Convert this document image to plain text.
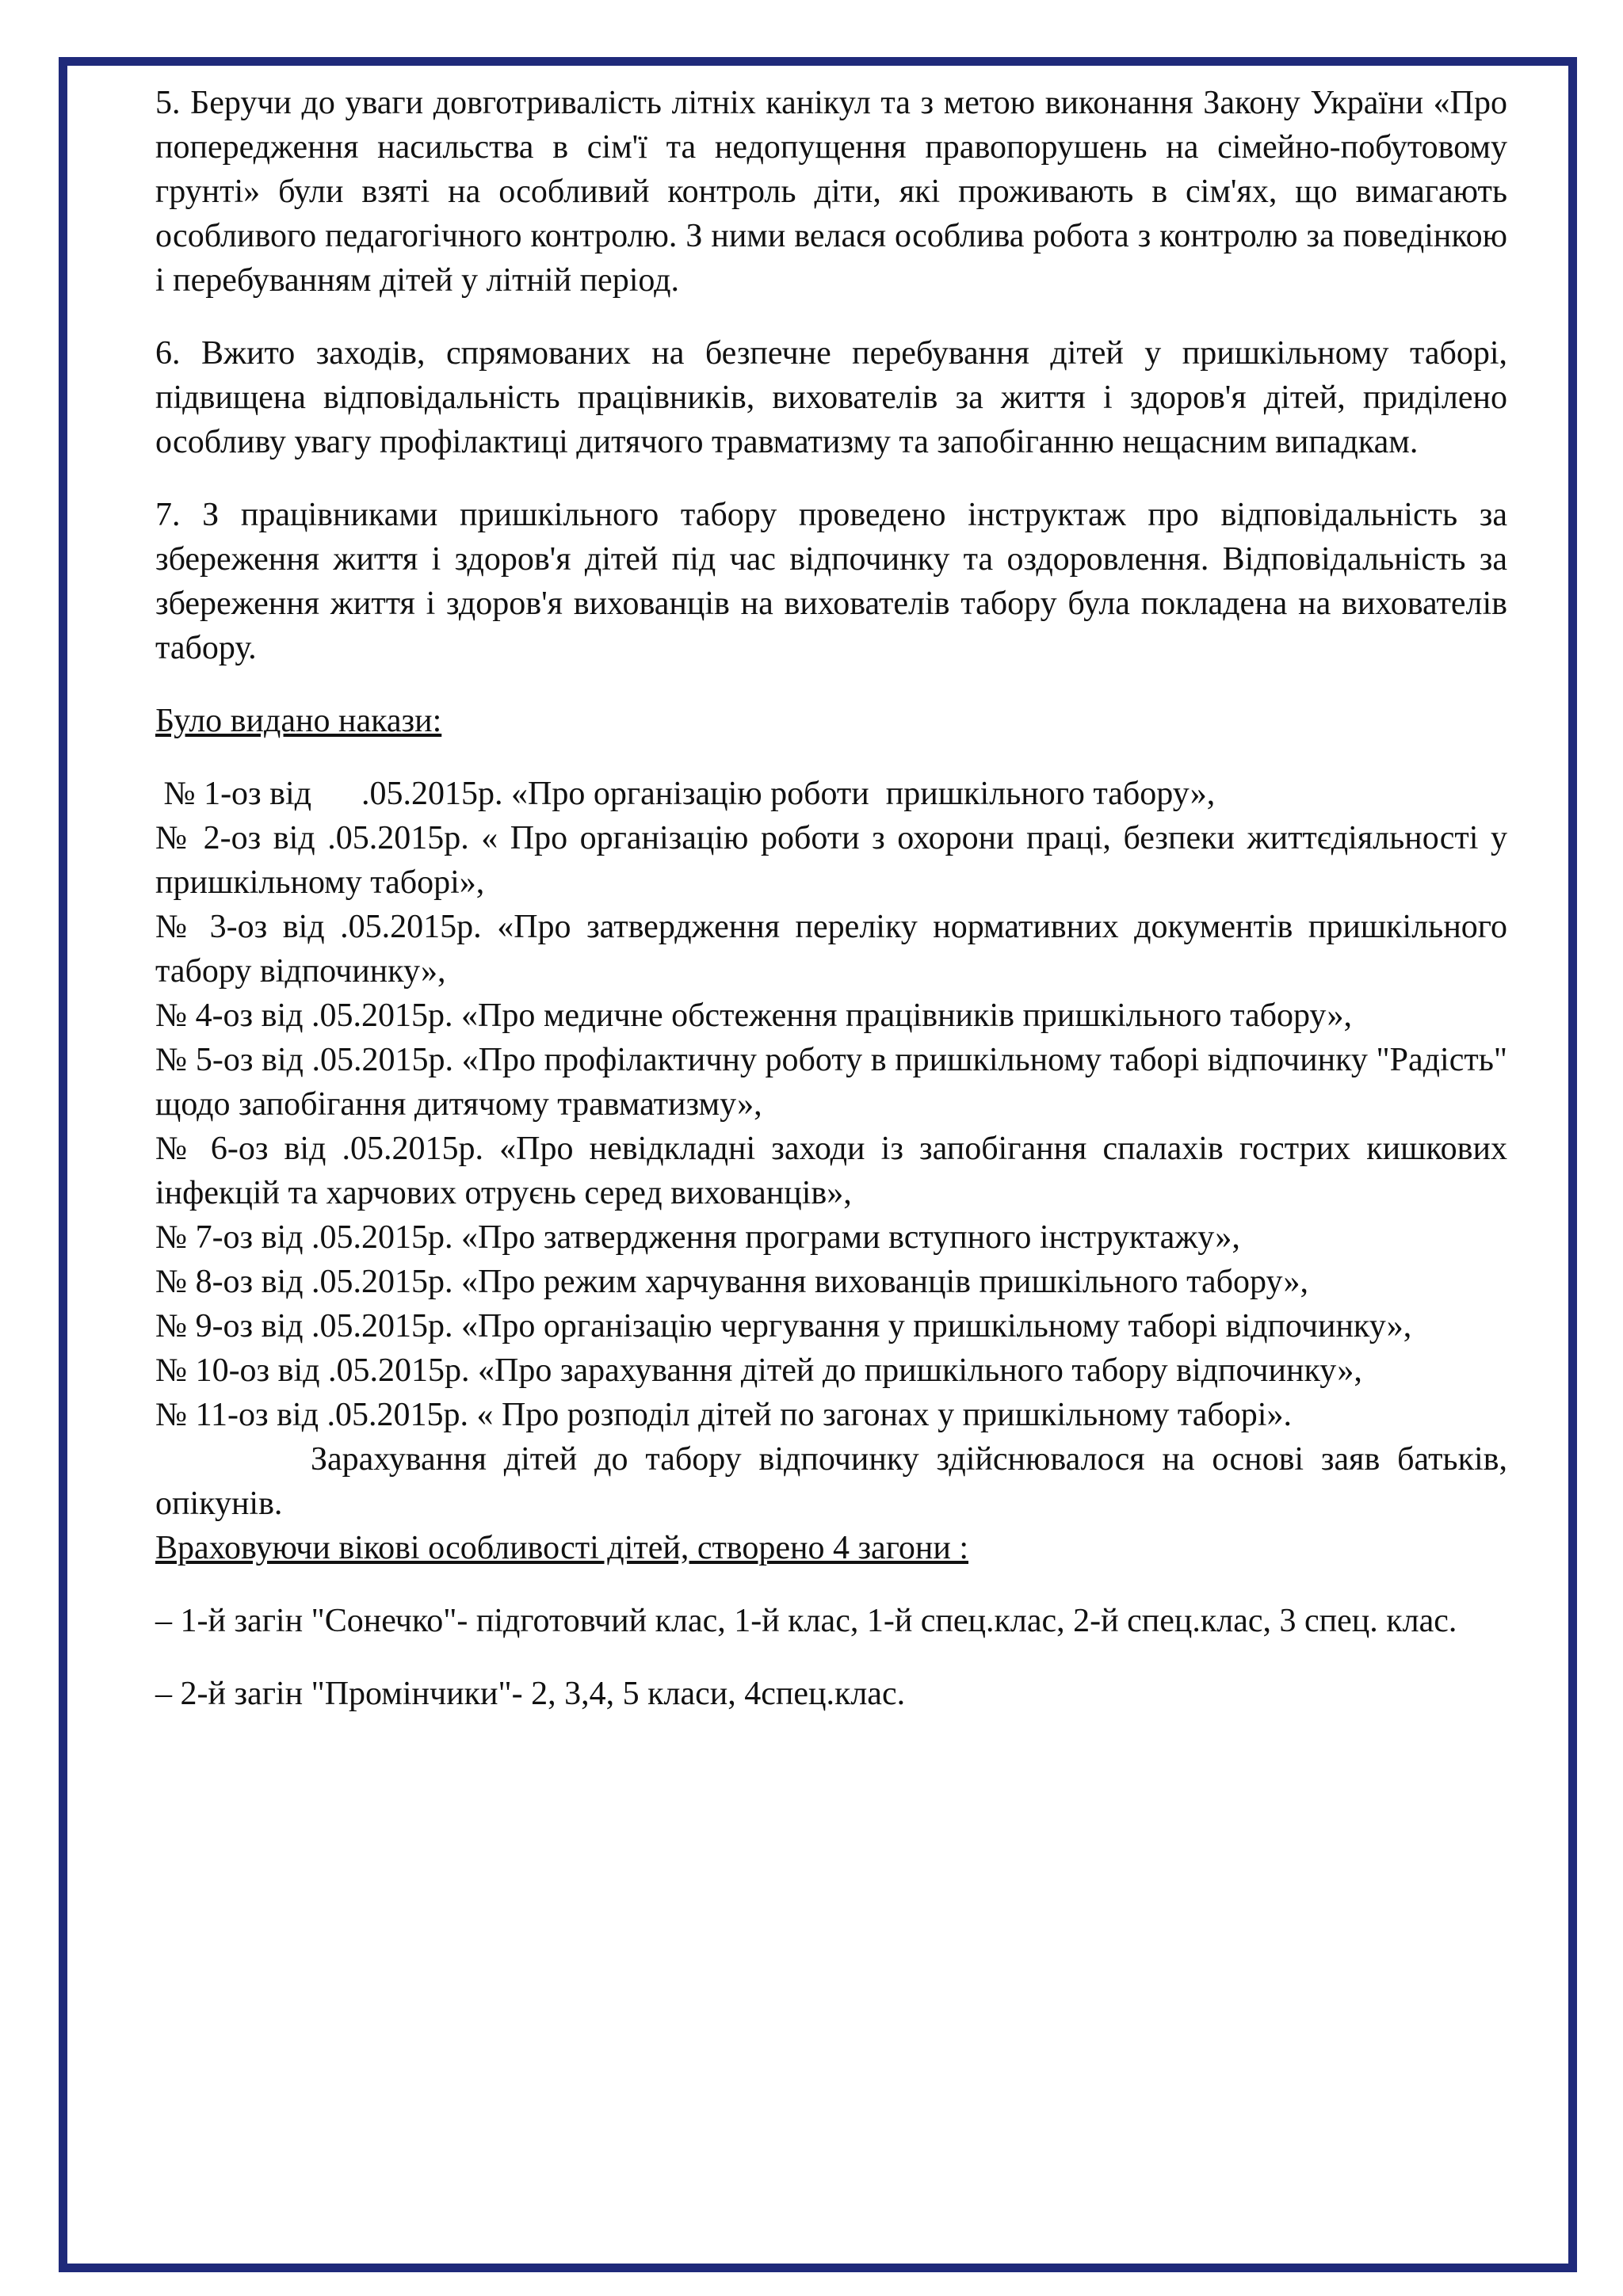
5. Беручи до уваги довготривалість літніх канікул та з метою виконання Закону України «Про попередження насильства в сім'ї та недопущення правопорушень на сімейно-побутовому грунті» були взяті на особливий контроль діти, які проживають в сім'ях, що вимагають особливого педагогічного контролю. З ними велася особлива робота з контролю за поведінкою і перебуванням дітей у літній період.

6. Вжито заходів, спрямованих на безпечне перебування дітей у пришкільному таборі, підвищена відповідальність працівників, вихователів за життя і здоров'я дітей, приділено особливу увагу профілактиці дитячого травматизму та запобіганню нещасним випадкам.

7. З працівниками пришкільного табору проведено інструктаж про відповідальність за збереження життя і здоров'я дітей під час відпочинку та оздоровлення. Відповідальність за збереження життя і здоров'я вихованців на вихователів табору була покладена на вихователів табору.

Було видано накази:

№ 1-оз від      .05.2015р. «Про організацію роботи  пришкільного табору»,

№ 2-оз від .05.2015р. « Про організацію роботи з охорони праці, безпеки життєдіяльності у пришкільному таборі»,

№ 3-оз від .05.2015р. «Про затвердження переліку нормативних документів пришкільного табору відпочинку»,

№ 4-оз від .05.2015р. «Про медичне обстеження працівників пришкільного табору»,

№ 5-оз від .05.2015р. «Про профілактичну роботу в пришкільному таборі відпочинку "Радість" щодо запобігання дитячому травматизму»,

№ 6-оз від .05.2015р. «Про невідкладні заходи із запобігання спалахів гострих кишкових інфекцій та харчових отруєнь серед вихованців»,

№ 7-оз від .05.2015р. «Про затвердження програми вступного інструктажу»,

№ 8-оз від .05.2015р. «Про режим харчування вихованців пришкільного табору»,

№ 9-оз від .05.2015р. «Про організацію чергування у пришкільному таборі відпочинку»,

№ 10-оз від .05.2015р. «Про зарахування дітей до пришкільного табору відпочинку»,

№ 11-оз від .05.2015р. « Про розподіл дітей по загонах у пришкільному таборі».

Зарахування дітей до табору відпочинку здійснювалося на основі заяв батьків, опікунів.

Враховуючи вікові особливості дітей, створено 4 загони :

– 1-й загін "Сонечко"- підготовчий клас, 1-й клас, 1-й спец.клас, 2-й спец.клас, 3 спец. клас.

– 2-й загін "Промінчики"- 2, 3,4, 5 класи, 4спец.клас.
